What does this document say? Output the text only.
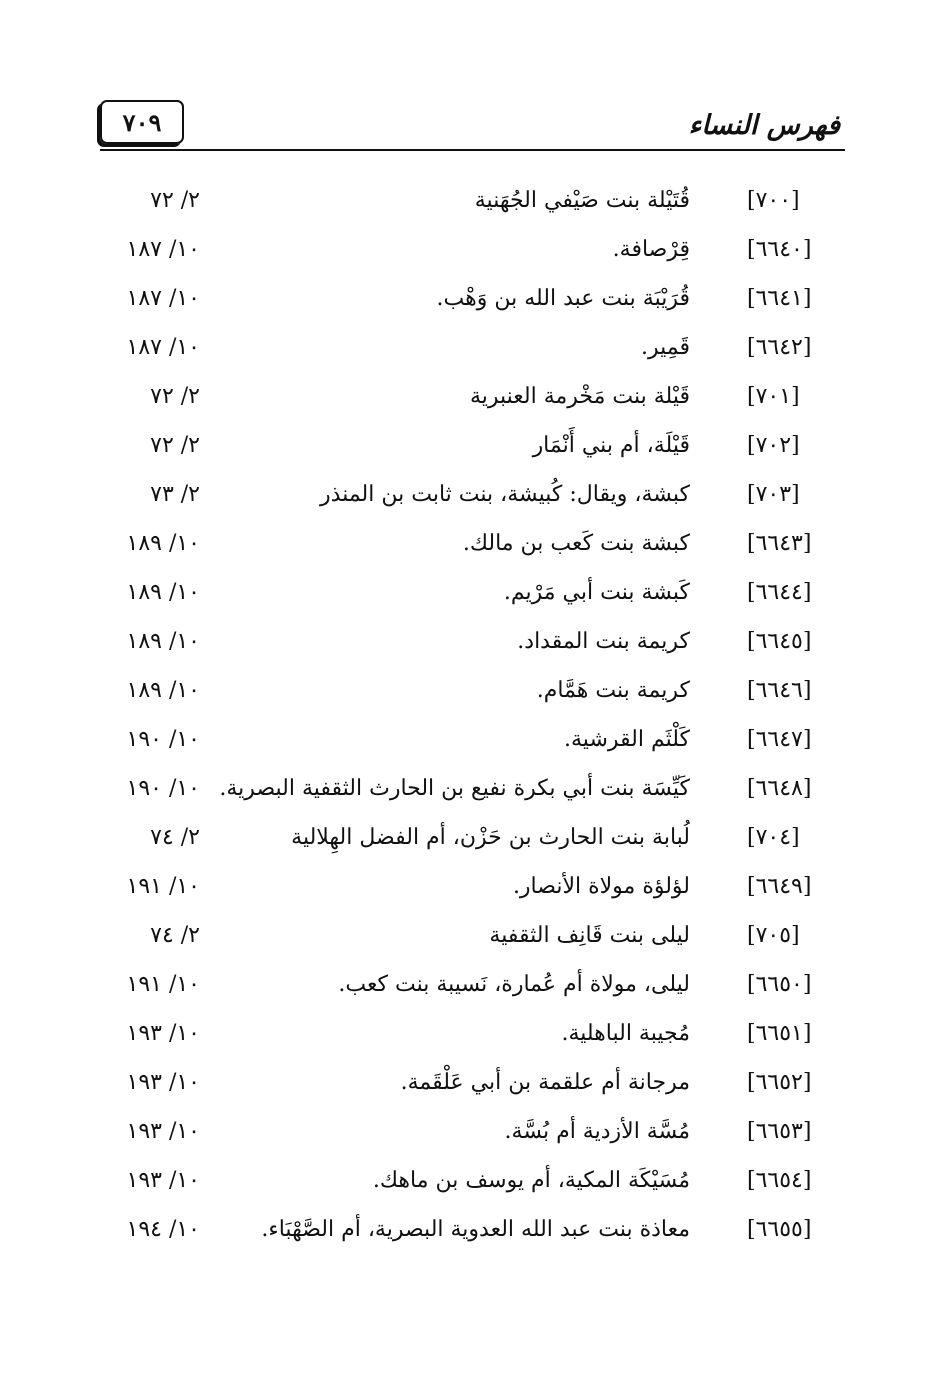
٧٠٩	فهرس النساء
[٧٠٠]
قُتَيْلة بنت صَيْفي الجُهَنية
٢/ ٧٢
[٦٦٤٠]
قِرْصافة.
١٠/ ١٨٧
[٦٦٤١]
قُرَيْبَة بنت عبد الله بن وَهْب.
١٠/ ١٨٧
[٦٦٤٢]
قَمِير.
١٠/ ١٨٧
[٧٠١]
قَيْلة بنت مَخْرمة العنبرية
٢/ ٧٢
[٧٠٢]
قَيْلَة، أم بني أَنْمَار
٢/ ٧٢
[٧٠٣]
كبشة، ويقال: كُبيشة، بنت ثابت بن المنذر
٢/ ٧٣
[٦٦٤٣]
كبشة بنت كَعب بن مالك.
١٠/ ١٨٩
[٦٦٤٤]
كَبشة بنت أبي مَرْيم.
١٠/ ١٨٩
[٦٦٤٥]
كريمة بنت المقداد.
١٠/ ١٨٩
[٦٦٤٦]
كريمة بنت هَمَّام.
١٠/ ١٨٩
[٦٦٤٧]
كَلْثَم القرشية.
١٠/ ١٩٠
[٦٦٤٨]
كَيِّسَة بنت أبي بكرة نفيع بن الحارث الثقفية البصرية.
١٠/ ١٩٠
[٧٠٤]
لُبابة بنت الحارث بن حَزْن، أم الفضل الهِلالية
٢/ ٧٤
[٦٦٤٩]
لؤلؤة مولاة الأنصار.
١٠/ ١٩١
[٧٠٥]
ليلى بنت قَانِف الثقفية
٢/ ٧٤
[٦٦٥٠]
ليلى، مولاة أم عُمارة، نَسيبة بنت كعب.
١٠/ ١٩١
[٦٦٥١]
مُجيبة الباهلية.
١٠/ ١٩٣
[٦٦٥٢]
مرجانة أم علقمة بن أبي عَلْقَمة.
١٠/ ١٩٣
[٦٦٥٣]
مُسَّة الأزدية أم بُسَّة.
١٠/ ١٩٣
[٦٦٥٤]
مُسَيْكَة المكية، أم يوسف بن ماهك.
١٠/ ١٩٣
[٦٦٥٥]
معاذة بنت عبد الله العدوية البصرية، أم الصَّهْبَاء.
١٠/ ١٩٤
